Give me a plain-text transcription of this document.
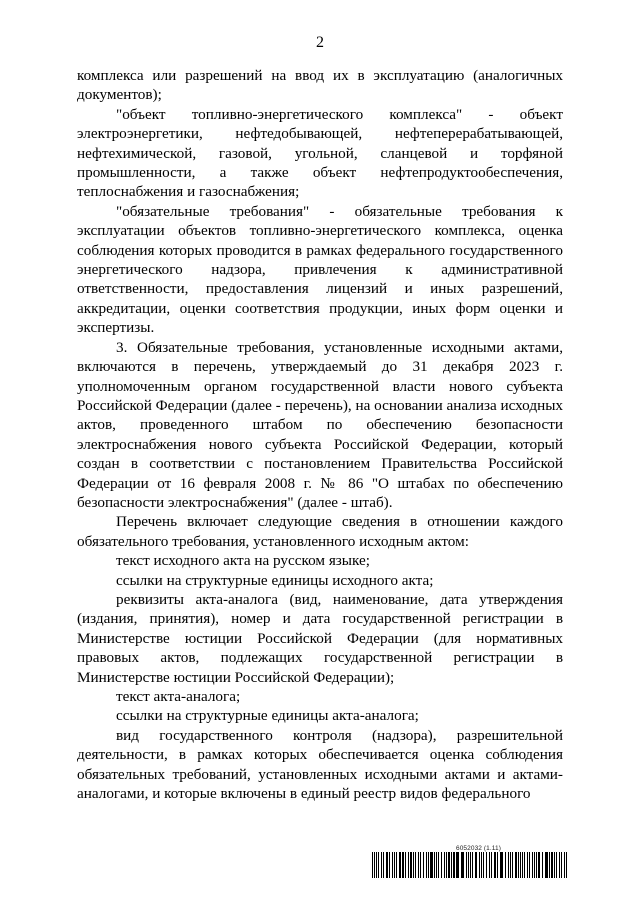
2

комплекса или разрешений на ввод их в эксплуатацию (аналогичных документов);

"объект топливно-энергетического комплекса" - объект электроэнергетики, нефтедобывающей, нефтеперерабатывающей, нефтехимической, газовой, угольной, сланцевой и торфяной промышленности, а также объект нефтепродуктообеспечения, теплоснабжения и газоснабжения;

"обязательные требования" - обязательные требования к эксплуатации объектов топливно-энергетического комплекса, оценка соблюдения которых проводится в рамках федерального государственного энергетического надзора, привлечения к административной ответственности, предоставления лицензий и иных разрешений, аккредитации, оценки соответствия продукции, иных форм оценки и экспертизы.

3. Обязательные требования, установленные исходными актами, включаются в перечень, утверждаемый до 31 декабря 2023 г. уполномоченным органом государственной власти нового субъекта Российской Федерации (далее - перечень), на основании анализа исходных актов, проведенного штабом по обеспечению безопасности электроснабжения нового субъекта Российской Федерации, который создан в соответствии с постановлением Правительства Российской Федерации от 16 февраля 2008 г. № 86 "О штабах по обеспечению безопасности электроснабжения" (далее - штаб).

Перечень включает следующие сведения в отношении каждого обязательного требования, установленного исходным актом:

текст исходного акта на русском языке;

ссылки на структурные единицы исходного акта;

реквизиты акта-аналога (вид, наименование, дата утверждения (издания, принятия), номер и дата государственной регистрации в Министерстве юстиции Российской Федерации (для нормативных правовых актов, подлежащих государственной регистрации в Министерстве юстиции Российской Федерации);

текст акта-аналога;

ссылки на структурные единицы акта-аналога;

вид государственного контроля (надзора), разрешительной деятельности, в рамках которых обеспечивается оценка соблюдения обязательных требований, установленных исходными актами и актами-аналогами, и которые включены в единый реестр видов федерального

6052032 (1.11)
